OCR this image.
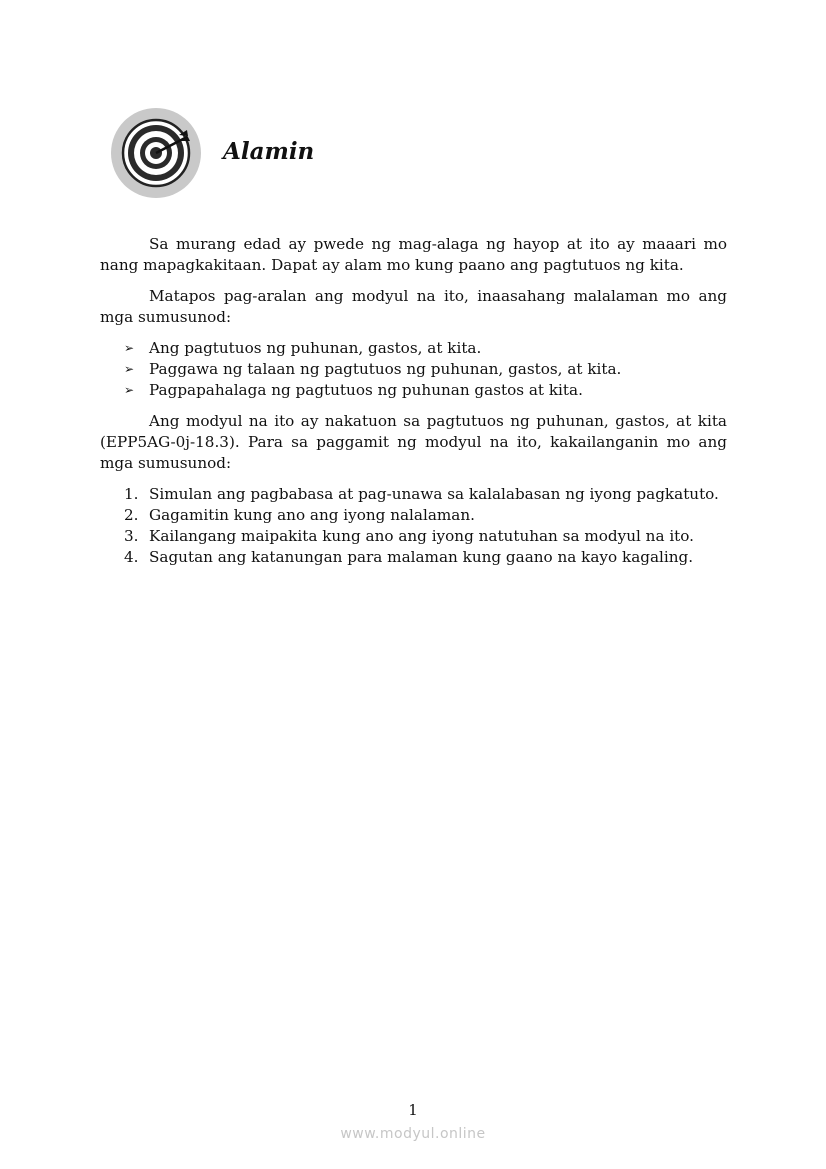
Alamin

Sa murang edad ay pwede ng mag-alaga ng hayop at ito ay maaari mo nang mapagkakitaan. Dapat ay alam mo kung paano ang pagtutuos ng kita.

Matapos pag-aralan ang modyul na ito, inaasahang malalaman mo ang mga sumusunod:

➢ Ang pagtutuos ng puhunan, gastos, at kita.
➢ Paggawa ng talaan ng pagtutuos ng puhunan, gastos, at kita.
➢ Pagpapahalaga ng pagtutuos ng puhunan gastos at kita.

Ang modyul na ito ay nakatuon sa pagtutuos ng puhunan, gastos, at kita (EPP5AG-0j-18.3). Para sa paggamit ng modyul na ito, kakailanganin mo ang mga sumusunod:

1. Simulan ang pagbabasa at pag-unawa sa kalalabasan ng iyong pagkatuto.
2. Gagamitin kung ano ang iyong nalalaman.
3. Kailangang maipakita kung ano ang iyong natutuhan sa modyul na ito.
4. Sagutan ang katanungan para malaman kung gaano na kayo kagaling.
1
www.modyul.online
